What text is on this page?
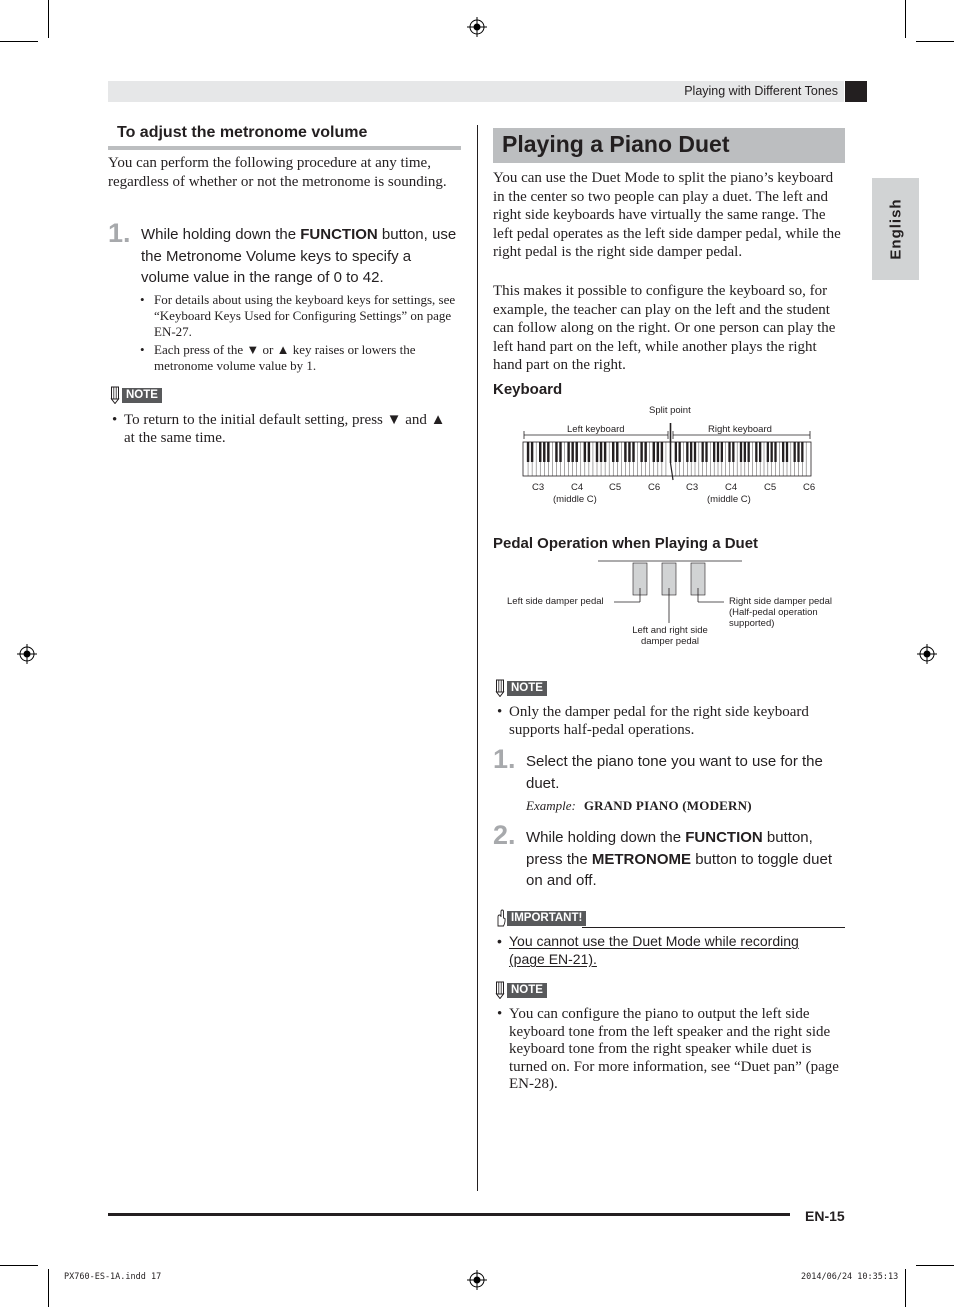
Playing with Different Tones
English
To adjust the metronome volume
You can perform the following procedure at any time, regardless of whether or not the metronome is sounding.
1. While holding down the FUNCTION button, use the Metronome Volume keys to specify a volume value in the range of 0 to 42.
• For details about using the keyboard keys for settings, see “Keyboard Keys Used for Configuring Settings” on page EN-27.
• Each press of the ▼ or ▲ key raises or lowers the metronome volume value by 1.
NOTE
• To return to the initial default setting, press ▼ and ▲ at the same time.
Playing a Piano Duet
You can use the Duet Mode to split the piano’s keyboard in the center so two people can play a duet. The left and right side keyboards have virtually the same range. The left pedal operates as the left side damper pedal, while the right pedal is the right side damper pedal.
This makes it possible to configure the keyboard so, for example, the teacher can play on the left and the student can follow along on the right. Or one person can play the left hand part on the left, while another plays the right hand part on the right.
Keyboard
Split point
Left keyboard	Right keyboard
C3	C4	C5	C6	C3	C4	C5	C6
(middle C)	(middle C)
Pedal Operation when Playing a Duet
Left side damper pedal
Left and right side
damper pedal
Right side damper pedal
(Half-pedal operation
supported)
NOTE
• Only the damper pedal for the right side keyboard supports half-pedal operations.
1. Select the piano tone you want to use for the duet.
Example: GRAND PIANO (MODERN)
2. While holding down the FUNCTION button, press the METRONOME button to toggle duet on and off.
IMPORTANT!
• You cannot use the Duet Mode while recording (page EN-21).
NOTE
• You can configure the piano to output the left side keyboard tone from the left speaker and the right side keyboard tone from the right speaker while duet is turned on. For more information, see “Duet pan” (page EN-28).
EN-15
PX760-ES-1A.indd 17	2014/06/24 10:35:13
